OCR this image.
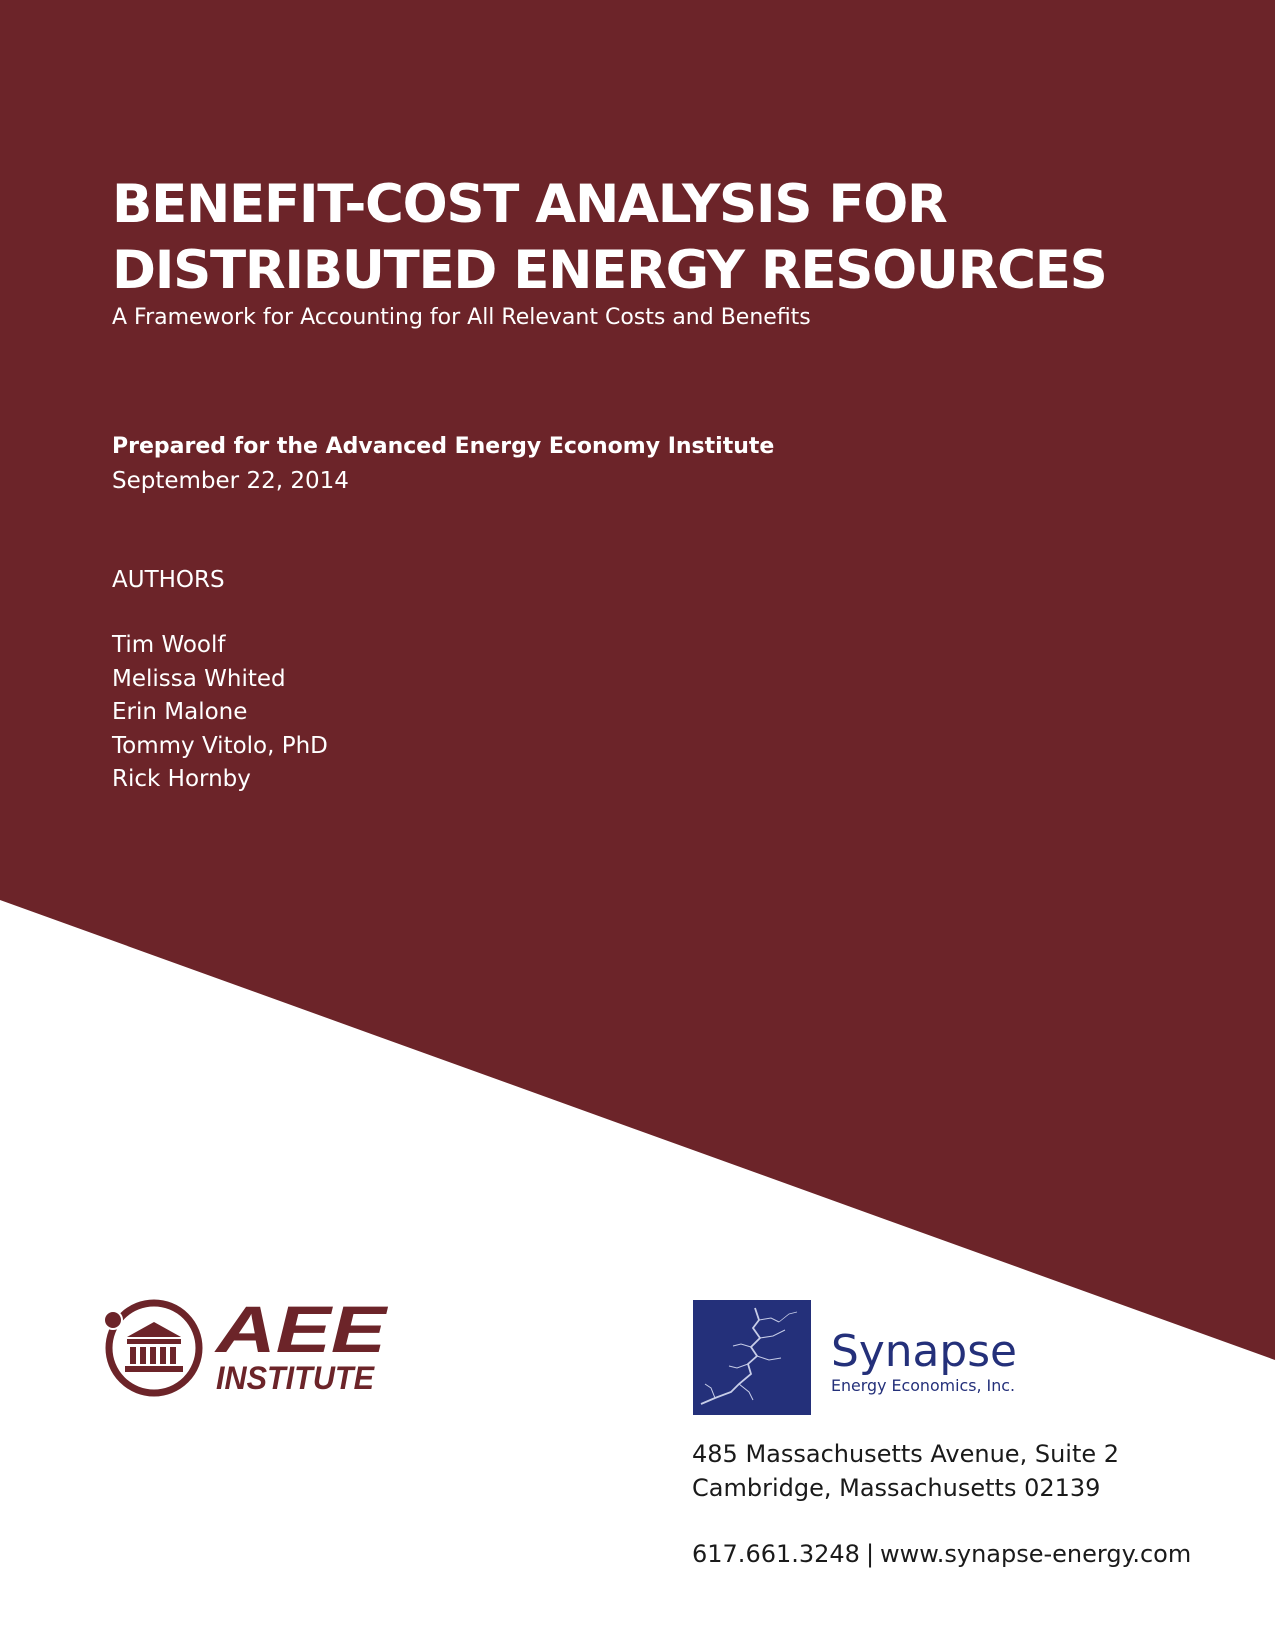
BENEFIT-COST ANALYSIS FOR
DISTRIBUTED ENERGY RESOURCES
A Framework for Accounting for All Relevant Costs and Benefits
Prepared for the Advanced Energy Economy Institute
September 22, 2014
AUTHORS
Tim Woolf
Melissa Whited
Erin Malone
Tommy Vitolo, PhD
Rick Hornby
AEE
INSTITUTE
Synapse
Energy Economics, Inc.
485 Massachusetts Avenue, Suite 2
Cambridge, Massachusetts 02139
617.661.3248 | www.synapse-energy.com
